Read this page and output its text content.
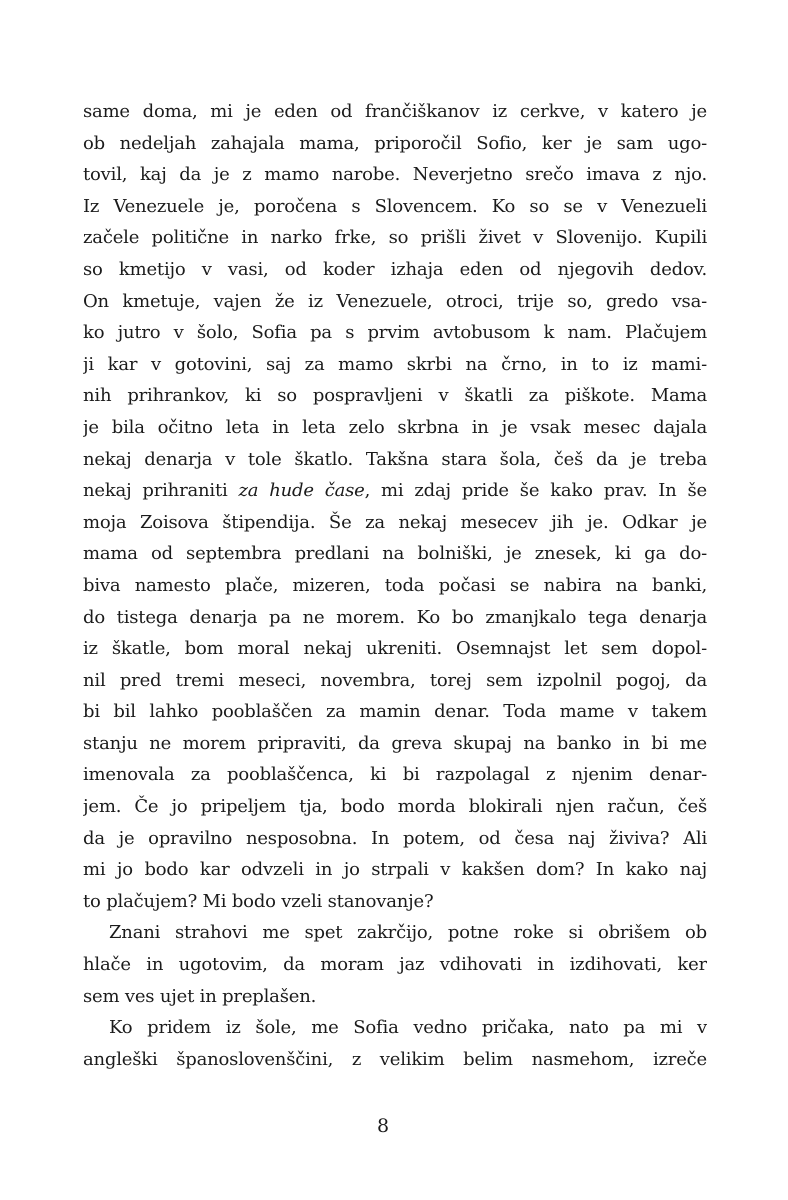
same doma, mi je eden od frančiškanov iz cerkve, v katero je
ob nedeljah zahajala mama, priporočil Sofio, ker je sam ugo-
tovil, kaj da je z mamo narobe. Neverjetno srečo imava z njo.
Iz Venezuele je, poročena s Slovencem. Ko so se v Venezueli
začele politične in narko frke, so prišli živet v Slovenijo. Kupili
so kmetijo v vasi, od koder izhaja eden od njegovih dedov.
On kmetuje, vajen že iz Venezuele, otroci, trije so, gredo vsa-
ko jutro v šolo, Sofia pa s prvim avtobusom k nam. Plačujem
ji kar v gotovini, saj za mamo skrbi na črno, in to iz mami-
nih prihrankov, ki so pospravljeni v škatli za piškote. Mama
je bila očitno leta in leta zelo skrbna in je vsak mesec dajala
nekaj denarja v tole škatlo. Takšna stara šola, češ da je treba
nekaj prihraniti za hude čase, mi zdaj pride še kako prav. In še
moja Zoisova štipendija. Še za nekaj mesecev jih je. Odkar je
mama od septembra predlani na bolniški, je znesek, ki ga do-
biva namesto plače, mizeren, toda počasi se nabira na banki,
do tistega denarja pa ne morem. Ko bo zmanjkalo tega denarja
iz škatle, bom moral nekaj ukreniti. Osemnajst let sem dopol-
nil pred tremi meseci, novembra, torej sem izpolnil pogoj, da
bi bil lahko pooblaščen za mamin denar. Toda mame v takem
stanju ne morem pripraviti, da greva skupaj na banko in bi me
imenovala za pooblaščenca, ki bi razpolagal z njenim denar-
jem. Če jo pripeljem tja, bodo morda blokirali njen račun, češ
da je opravilno nesposobna. In potem, od česa naj živiva? Ali
mi jo bodo kar odvzeli in jo strpali v kakšen dom? In kako naj
to plačujem? Mi bodo vzeli stanovanje?
Znani strahovi me spet zakrčijo, potne roke si obrišem ob
hlače in ugotovim, da moram jaz vdihovati in izdihovati, ker
sem ves ujet in preplašen.
Ko pridem iz šole, me Sofia vedno pričaka, nato pa mi v
angleški španoslovenščini, z velikim belim nasmehom, izreče
8
